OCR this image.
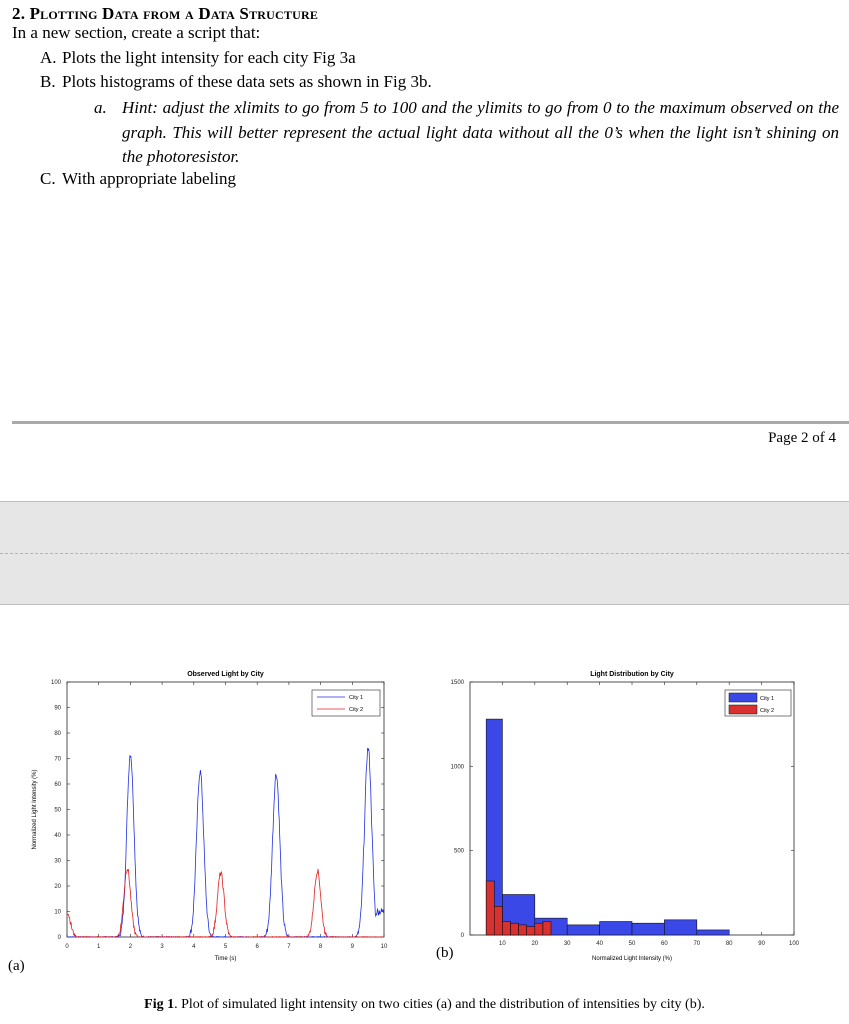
2. Plotting Data from a Data Structure
In a new section, create a script that:
A. Plots the light intensity for each city Fig 3a
B. Plots histograms of these data sets as shown in Fig 3b.
a. Hint: adjust the xlimits to go from 5 to 100 and the ylimits to go from 0 to the maximum observed on the graph. This will better represent the actual light data without all the 0’s when the light isn’t shining on the photoresistor.
C. With appropriate labeling
Page 2 of 4
0	1	2	3	4	5	6	7	8	9	10
0
10
20
30
40
50
60
70
80
90
100
Observed Light by City
Time (s)
Normalized Light Intensity (%)
City 1
City 2
10	20	30	40	50	60	70	80	90	100
0
500
1000
1500
Light Distribution by City
Normalized Light Intensity (%)
City 1
City 2
(a)
(b)
Fig 1. Plot of simulated light intensity on two cities (a) and the distribution of intensities by city (b).
